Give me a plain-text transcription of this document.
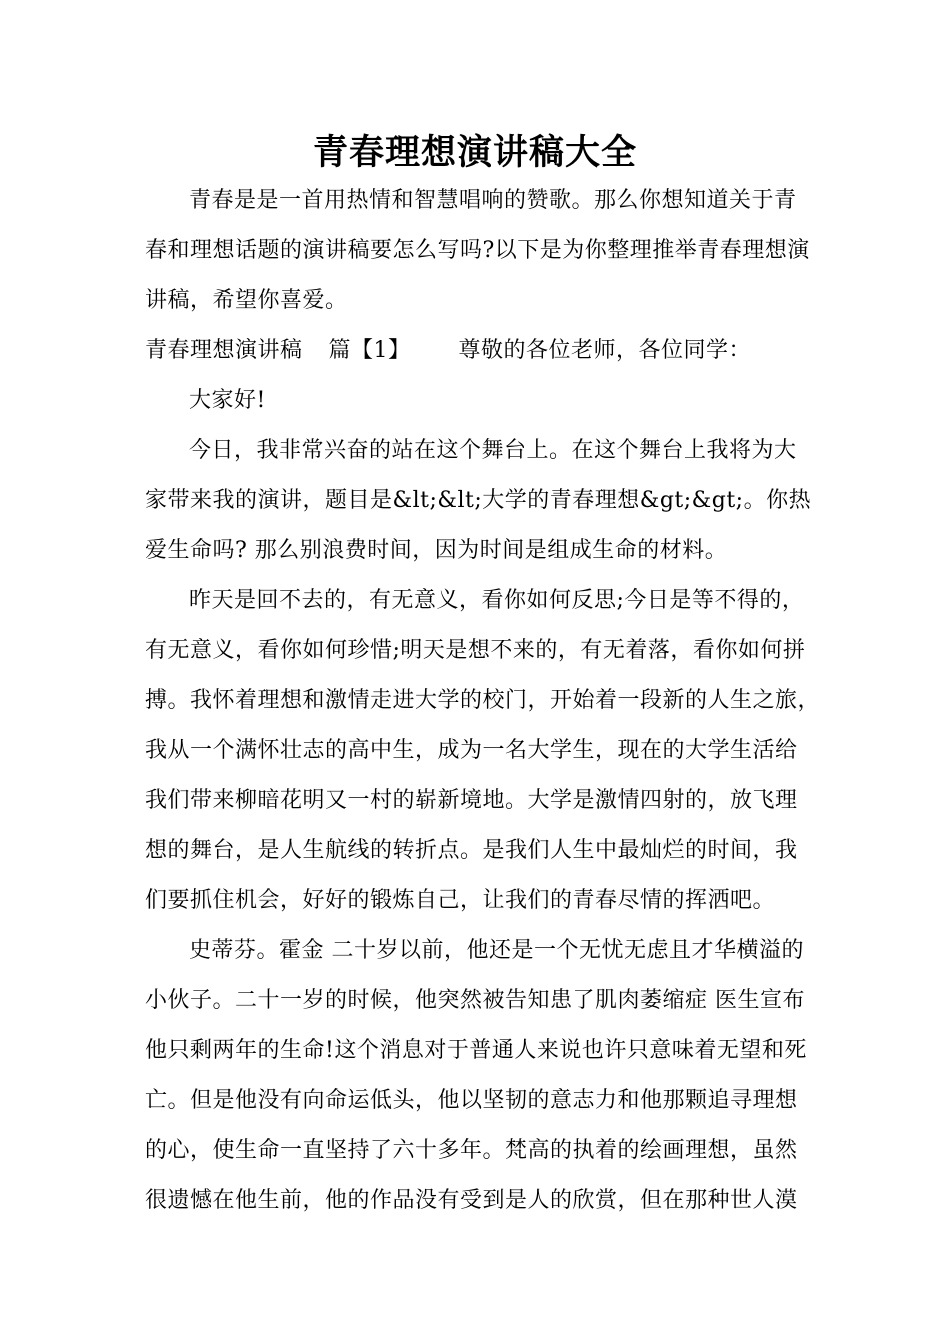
青春理想演讲稿大全
青春是是一首用热情和智慧唱响的赞歌。那么你想知道关于青
春和理想话题的演讲稿要怎么写吗?以下是为你整理推举青春理想演
讲稿，希望你喜爱。
青春理想演讲稿 篇【1】 尊敬的各位老师，各位同学：
大家好!
今日，我非常兴奋的站在这个舞台上。在这个舞台上我将为大
家带来我的演讲，题目是&lt;&lt;大学的青春理想&gt;&gt;。你热
爱生命吗? 那么别浪费时间，因为时间是组成生命的材料。
昨天是回不去的，有无意义，看你如何反思;今日是等不得的，
有无意义，看你如何珍惜;明天是想不来的，有无着落，看你如何拼
搏。我怀着理想和激情走进大学的校门，开始着一段新的人生之旅，
我从一个满怀壮志的高中生，成为一名大学生，现在的大学生活给
我们带来柳暗花明又一村的崭新境地。大学是激情四射的，放飞理
想的舞台，是人生航线的转折点。是我们人生中最灿烂的时间，我
们要抓住机会，好好的锻炼自己，让我们的青春尽情的挥洒吧。
史蒂芬。霍金 二十岁以前，他还是一个无忧无虑且才华横溢的
小伙子。二十一岁的时候，他突然被告知患了肌肉萎缩症 医生宣布
他只剩两年的生命!这个消息对于普通人来说也许只意味着无望和死
亡。但是他没有向命运低头，他以坚韧的意志力和他那颗追寻理想
的心，使生命一直坚持了六十多年。梵高的执着的绘画理想，虽然
很遗憾在他生前，他的作品没有受到是人的欣赏，但在那种世人漠
